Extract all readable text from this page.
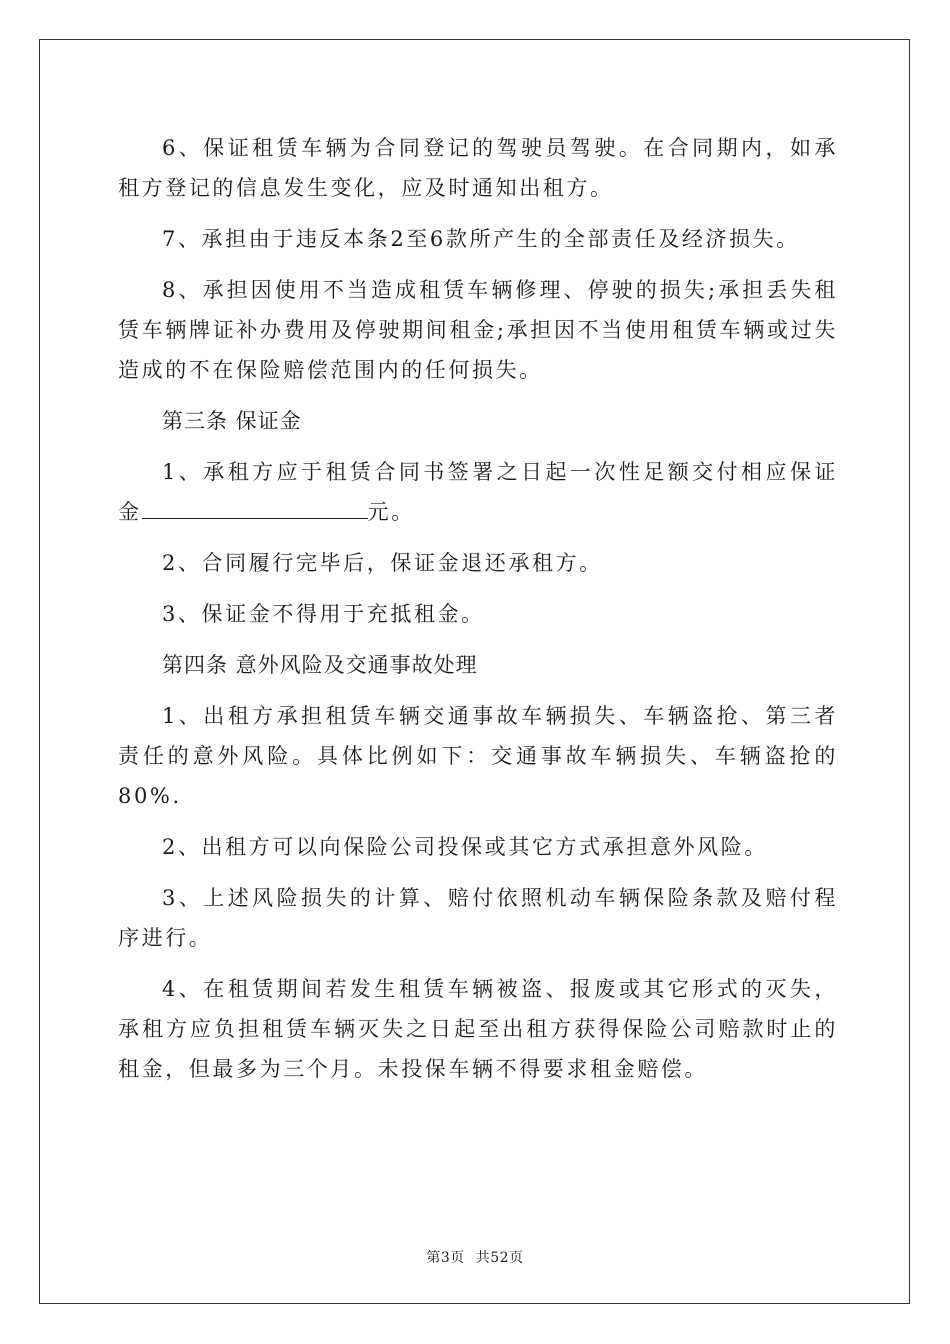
6、保证租赁车辆为合同登记的驾驶员驾驶。在合同期内，如承租方登记的信息发生变化，应及时通知出租方。

7、承担由于违反本条2至6款所产生的全部责任及经济损失。

8、承担因使用不当造成租赁车辆修理、停驶的损失;承担丢失租赁车辆牌证补办费用及停驶期间租金;承担因不当使用租赁车辆或过失造成的不在保险赔偿范围内的任何损失。

第三条 保证金

1、承租方应于租赁合同书签署之日起一次性足额交付相应保证金	元。

2、合同履行完毕后，保证金退还承租方。

3、保证金不得用于充抵租金。

第四条 意外风险及交通事故处理

1、出租方承担租赁车辆交通事故车辆损失、车辆盗抢、第三者责任的意外风险。具体比例如下：交通事故车辆损失、车辆盗抢的80%.

2、出租方可以向保险公司投保或其它方式承担意外风险。

3、上述风险损失的计算、赔付依照机动车辆保险条款及赔付程序进行。

4、在租赁期间若发生租赁车辆被盗、报废或其它形式的灭失，承租方应负担租赁车辆灭失之日起至出租方获得保险公司赔款时止的租金，但最多为三个月。未投保车辆不得要求租金赔偿。

第3页 共52页
